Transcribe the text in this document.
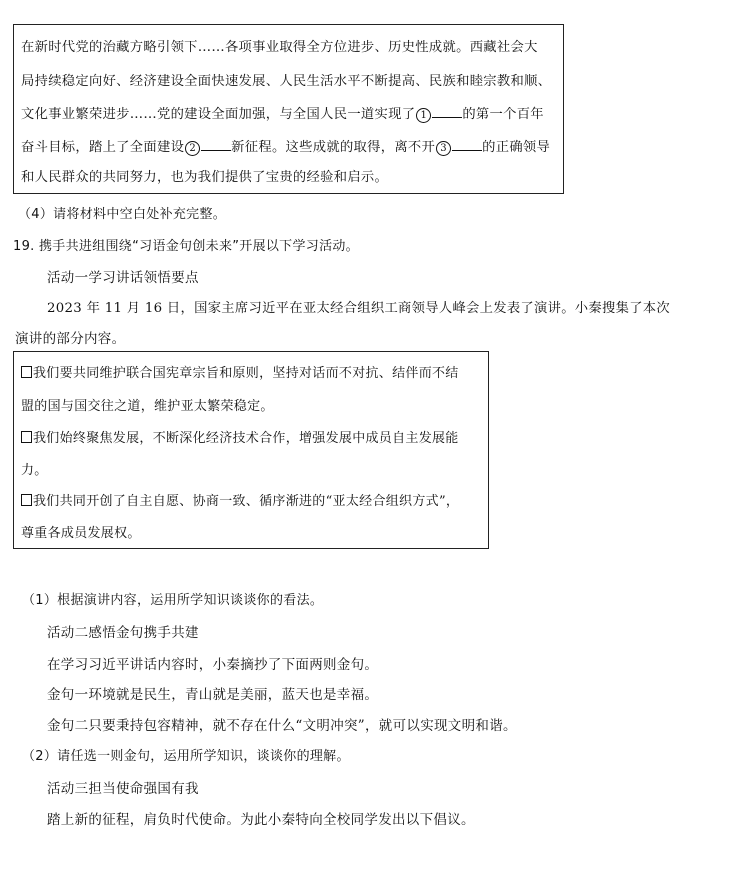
在新时代党的治藏方略引领下……各项事业取得全方位进步、历史性成就。西藏社会大
局持续稳定向好、经济建设全面快速发展、人民生活水平不断提高、民族和睦宗教和顺、
文化事业繁荣进步……党的建设全面加强，与全国人民一道实现了 1	的第一个百年
奋斗目标，踏上了全面建设 2	新征程。这些成就的取得，离不开 3	的正确领导
和人民群众的共同努力，也为我们提供了宝贵的经验和启示。
（4）请将材料中空白处补充完整。
19. 携手共进组围绕“习语金句创未来”开展以下学习活动。
活动一学习讲话领悟要点
2023 年 11 月 16 日，国家主席习近平在亚太经合组织工商领导人峰会上发表了演讲。小秦搜集了本次
演讲的部分内容。
我们要共同维护联合国宪章宗旨和原则，坚持对话而不对抗、结伴而不结
盟的国与国交往之道，维护亚太繁荣稳定。
我们始终聚焦发展，不断深化经济技术合作，增强发展中成员自主发展能
力。
我们共同开创了自主自愿、协商一致、循序渐进的“亚太经合组织方式”，
尊重各成员发展权。
（1）根据演讲内容，运用所学知识谈谈你的看法。
活动二感悟金句携手共建
在学习习近平讲话内容时，小秦摘抄了下面两则金句。
金句一环境就是民生，青山就是美丽，蓝天也是幸福。
金句二只要秉持包容精神，就不存在什么“文明冲突”，就可以实现文明和谐。
（2）请任选一则金句，运用所学知识，谈谈你的理解。
活动三担当使命强国有我
踏上新的征程，肩负时代使命。为此小秦特向全校同学发出以下倡议。
